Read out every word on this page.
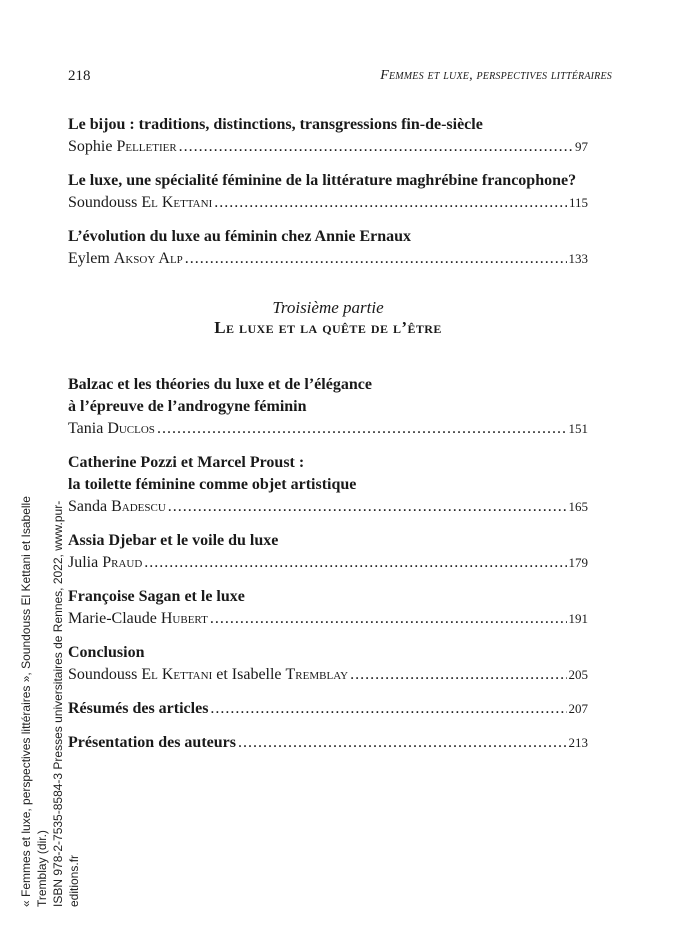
218	Femmes et luxe, perspectives littéraires
Le bijou : traditions, distinctions, transgressions fin-de-siècle
Sophie Pelletier .....	97
Le luxe, une spécialité féminine de la littérature maghrébine francophone?
Soundouss El Kettani .....	115
L’évolution du luxe au féminin chez Annie Ernaux
Eylem Aksoy Alp .....	133
Troisième partie
Le luxe et la quête de l’être
Balzac et les théories du luxe et de l’élégance
à l’épreuve de l’androgyne féminin
Tania Duclos .....	151
Catherine Pozzi et Marcel Proust :
la toilette féminine comme objet artistique
Sanda Badescu .....	165
Assia Djebar et le voile du luxe
Julia Praud .....	179
Françoise Sagan et le luxe
Marie-Claude Hubert .....	191
Conclusion
Soundouss El Kettani et Isabelle Tremblay .....	205
Résumés des articles .....	207
Présentation des auteurs .....	213
« Femmes et luxe, perspectives littéraires », Soundouss El Kettani et Isabelle Tremblay (dir.) ISBN 978-2-7535-8584-3 Presses universitaires de Rennes, 2022, www.pur-editions.fr
